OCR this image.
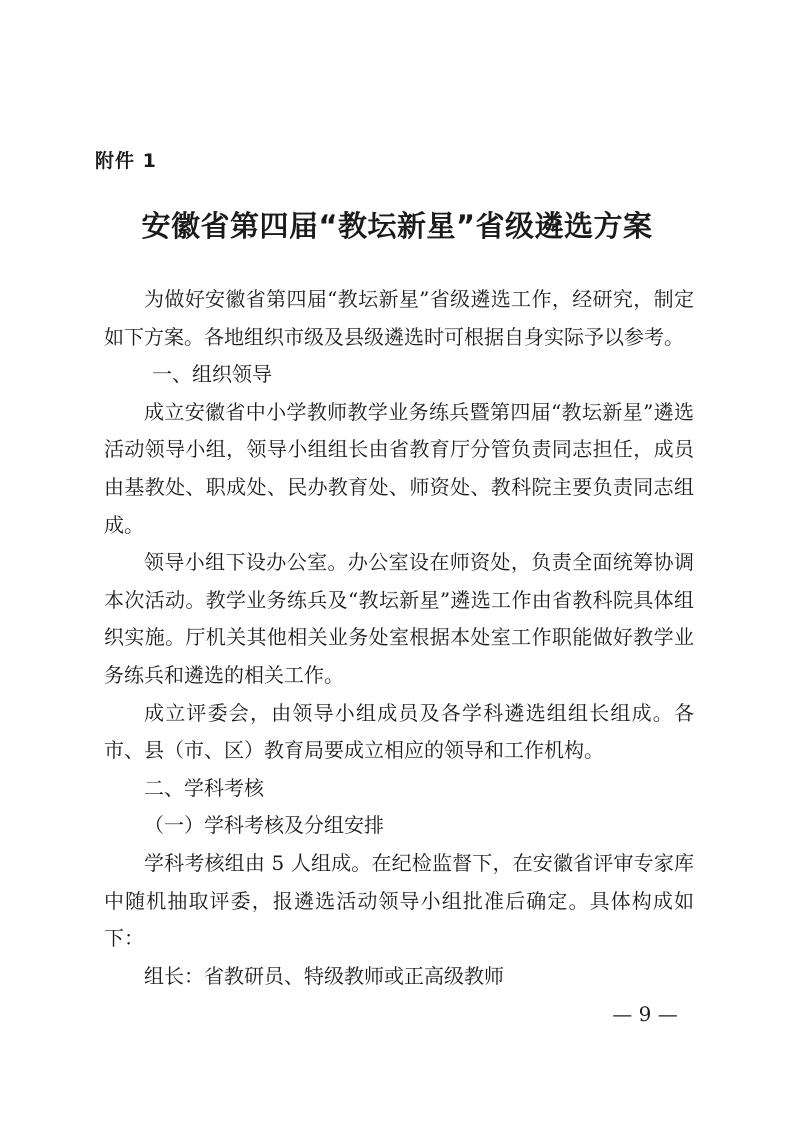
附件 1
安徽省第四届“教坛新星”省级遴选方案

为做好安徽省第四届“教坛新星”省级遴选工作，经研究，制定如下方案。各地组织市级及县级遴选时可根据自身实际予以参考。

一、组织领导

成立安徽省中小学教师教学业务练兵暨第四届“教坛新星”遴选活动领导小组，领导小组组长由省教育厅分管负责同志担任，成员由基教处、职成处、民办教育处、师资处、教科院主要负责同志组成。

领导小组下设办公室。办公室设在师资处，负责全面统筹协调本次活动。教学业务练兵及“教坛新星”遴选工作由省教科院具体组织实施。厅机关其他相关业务处室根据本处室工作职能做好教学业务练兵和遴选的相关工作。

成立评委会，由领导小组成员及各学科遴选组组长组成。各市、县（市、区）教育局要成立相应的领导和工作机构。

二、学科考核

（一）学科考核及分组安排

学科考核组由 5 人组成。在纪检监督下，在安徽省评审专家库中随机抽取评委，报遴选活动领导小组批准后确定。具体构成如下：

组长：省教研员、特级教师或正高级教师

— 9 —
